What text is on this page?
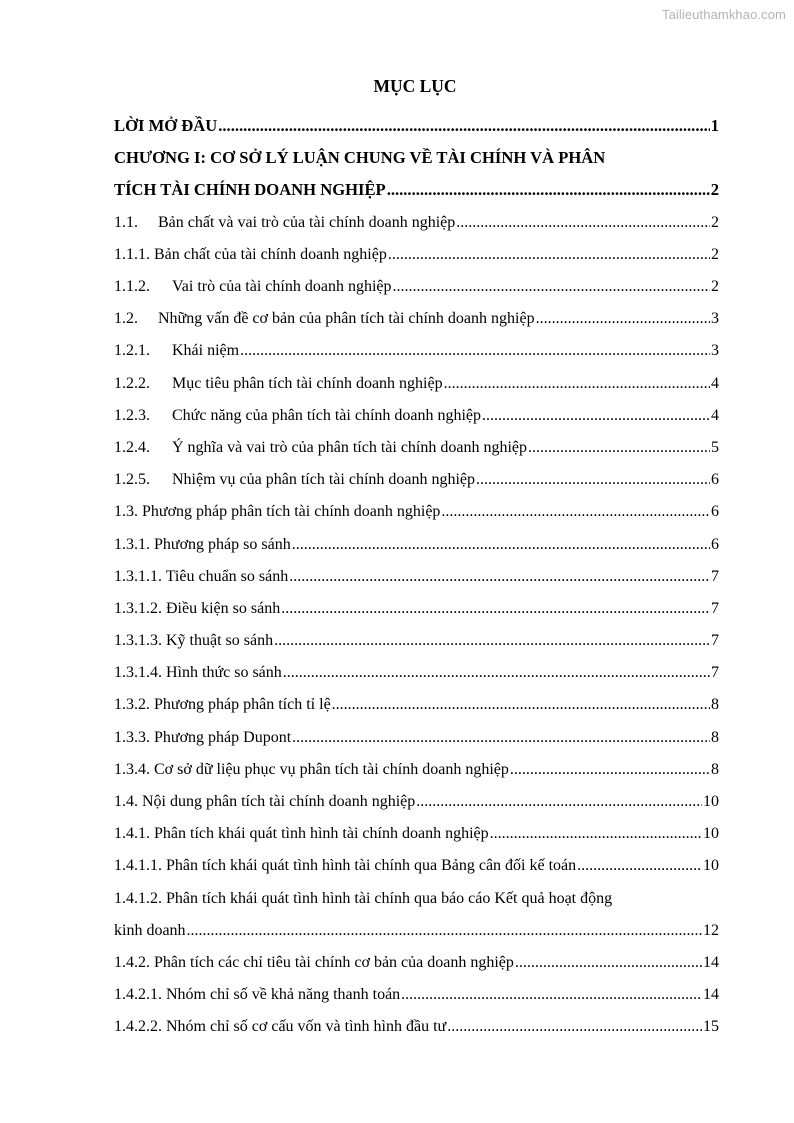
Tailieuthamkhao.com
MỤC LỤC
LỜI MỞ ĐẦU .....	1
CHƯƠNG I: CƠ SỞ LÝ LUẬN CHUNG VỀ TÀI CHÍNH VÀ PHÂN
TÍCH TÀI CHÍNH DOANH NGHIỆP .....	2
1.1.	Bản chất và vai trò của tài chính doanh nghiệp .....	2
1.1.1. Bản chất của tài chính doanh nghiệp .....	2
1.1.2.	Vai trò của tài chính doanh nghiệp .....	2
1.2.	Những vấn đề cơ bản của phân tích tài chính doanh nghiệp .....	3
1.2.1.	Khái niệm .....	3
1.2.2.	Mục tiêu phân tích tài chính doanh nghiệp .....	4
1.2.3.	Chức năng của phân tích tài chính doanh nghiệp .....	4
1.2.4.	Ý nghĩa và vai trò của phân tích tài chính doanh nghiệp .....	5
1.2.5.	Nhiệm vụ của phân tích tài chính doanh nghiệp .....	6
1.3. Phương pháp phân tích tài chính doanh nghiệp .....	6
1.3.1. Phương pháp so sánh .....	6
1.3.1.1. Tiêu chuẩn so sánh .....	7
1.3.1.2. Điều kiện so sánh .....	7
1.3.1.3. Kỹ thuật so sánh .....	7
1.3.1.4. Hình thức so sánh .....	7
1.3.2. Phương pháp phân tích tỉ lệ .....	8
1.3.3. Phương pháp Dupont .....	8
1.3.4. Cơ sở dữ liệu phục vụ phân tích tài chính doanh nghiệp .....	8
1.4. Nội dung phân tích tài chính doanh nghiệp .....	10
1.4.1. Phân tích khái quát tình hình tài chính doanh nghiệp .....	10
1.4.1.1. Phân tích khái quát tình hình tài chính qua Bảng cân đối kế toán .....	10
1.4.1.2. Phân tích khái quát tình hình tài chính qua báo cáo Kết quả hoạt động
kinh doanh .....	12
1.4.2. Phân tích các chỉ tiêu tài chính cơ bản của doanh nghiệp .....	14
1.4.2.1. Nhóm chỉ số về khả năng thanh toán .....	14
1.4.2.2. Nhóm chỉ số cơ cấu vốn và tình hình đầu tư .....	15
